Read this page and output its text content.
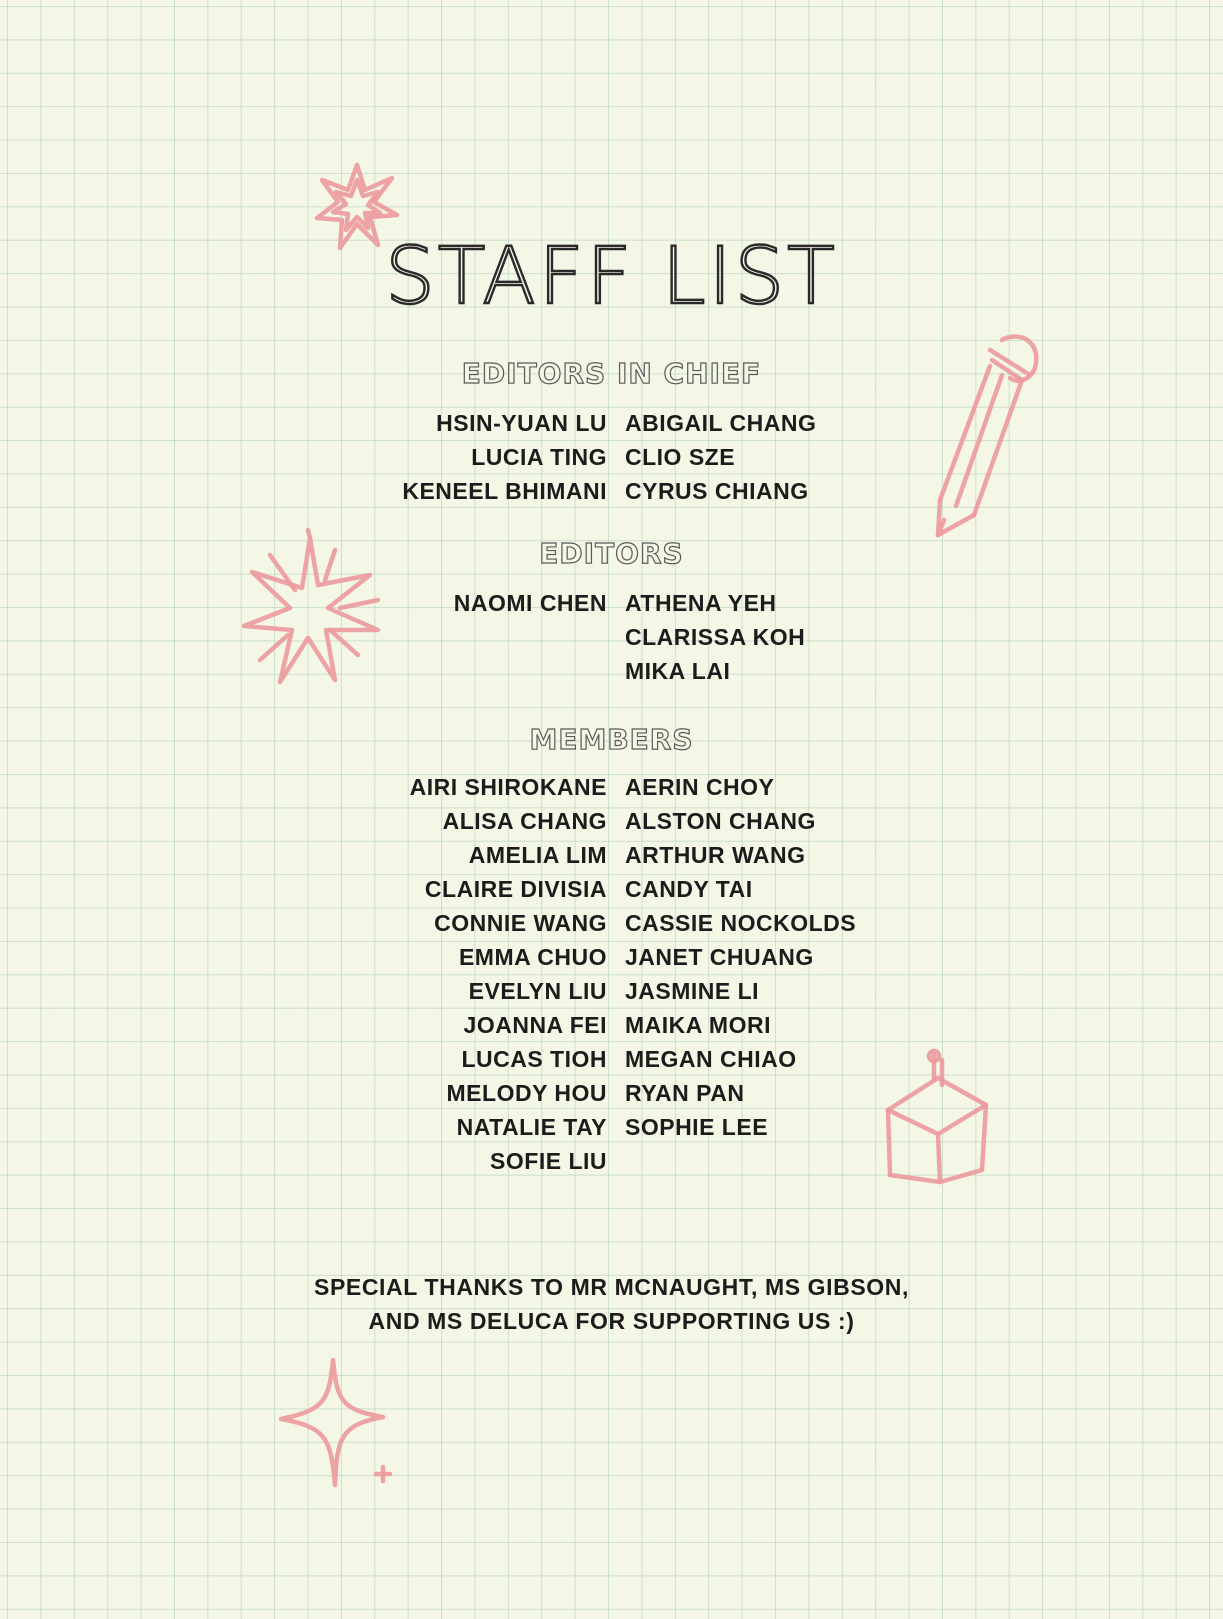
STAFF LIST
EDITORS IN CHIEF
HSIN-YUAN LU
LUCIA TING
KENEEL BHIMANI
ABIGAIL CHANG
CLIO SZE
CYRUS CHIANG
EDITORS
NAOMI CHEN ATHENA YEH
CLARISSA KOH
MIKA LAI
MEMBERS
AIRI SHIROKANE
ALISA CHANG
AMELIA LIM
CLAIRE DIVISIA
CONNIE WANG
EMMA CHUO
EVELYN LIU
JOANNA FEI
LUCAS TIOH
MELODY HOU
NATALIE TAY
SOFIE LIU
AERIN CHOY
ALSTON CHANG
ARTHUR WANG
CANDY TAI
CASSIE NOCKOLDS
JANET CHUANG
JASMINE LI
MAIKA MORI
MEGAN CHIAO
RYAN PAN
SOPHIE LEE
SPECIAL THANKS TO MR MCNAUGHT, MS GIBSON,
AND MS DELUCA FOR SUPPORTING US :)
